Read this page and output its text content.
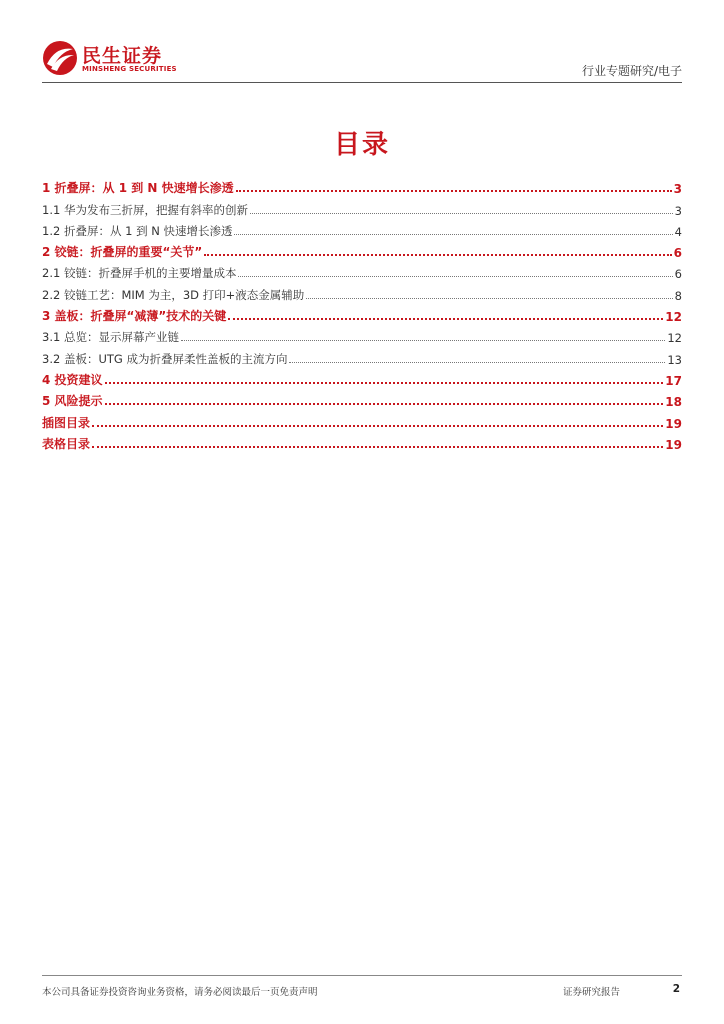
民生证券
MINSHENG SECURITIES	行业专题研究/电子
目录
1 折叠屏：从 1 到 N 快速增长渗透	3
1.1 华为发布三折屏，把握有斜率的创新	3
1.2 折叠屏：从 1 到 N 快速增长渗透	4
2 铰链：折叠屏的重要“关节”	6
2.1 铰链：折叠屏手机的主要增量成本	6
2.2 铰链工艺：MIM 为主，3D 打印+液态金属辅助	8
3 盖板：折叠屏“减薄”技术的关键	12
3.1 总览：显示屏幕产业链	12
3.2 盖板：UTG 成为折叠屏柔性盖板的主流方向	13
4 投资建议	17
5 风险提示	18
插图目录	19
表格目录	19
本公司具备证券投资咨询业务资格，请务必阅读最后一页免责声明	证券研究报告	2
